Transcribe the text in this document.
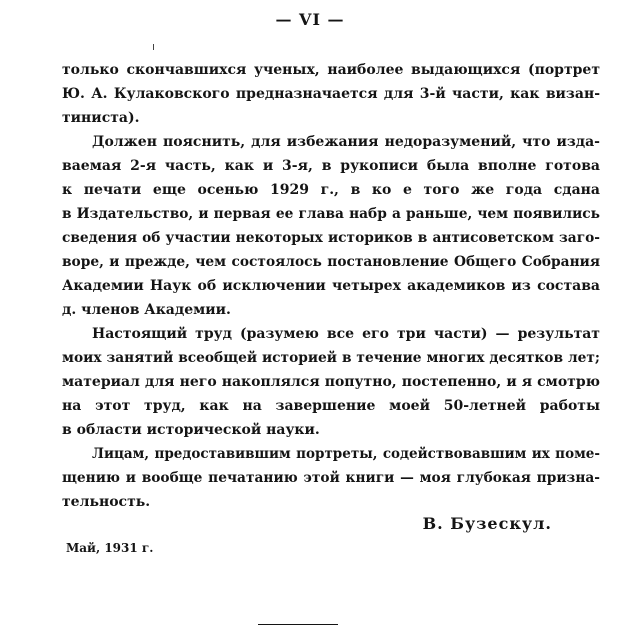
— VI —
только скончавшихся ученых, наиболее выдающихся (портрет
Ю. А. Кулаковского предназначается для 3-й части, как визан-
тиниста).
Должен пояснить, для избежания недоразумений, что изда-
ваемая 2-я часть, как и 3-я, в рукописи была вполне готова
к печати еще осенью 1929 г., в ко е того же года сдана
в Издательство, и первая ее глава набр а раньше, чем появились
сведения об участии некоторых историков в антисоветском заго-
воре, и прежде, чем состоялось постановление Общего Собрания
Академии Наук об исключении четырех академиков из состава
д. членов Академии.
Настоящий труд (разумею все его три части) — результат
моих занятий всеобщей историей в течение многих десятков лет;
материал для него накоплялся попутно, постепенно, и я смотрю
на этот труд, как на завершение моей 50-летней работы
в области исторической науки.
Лицам, предоставившим портреты, содействовавшим их поме-
щению и вообще печатанию этой книги — моя глубокая призна-
тельность.
В. Бузескул.
Май, 1931 г.
